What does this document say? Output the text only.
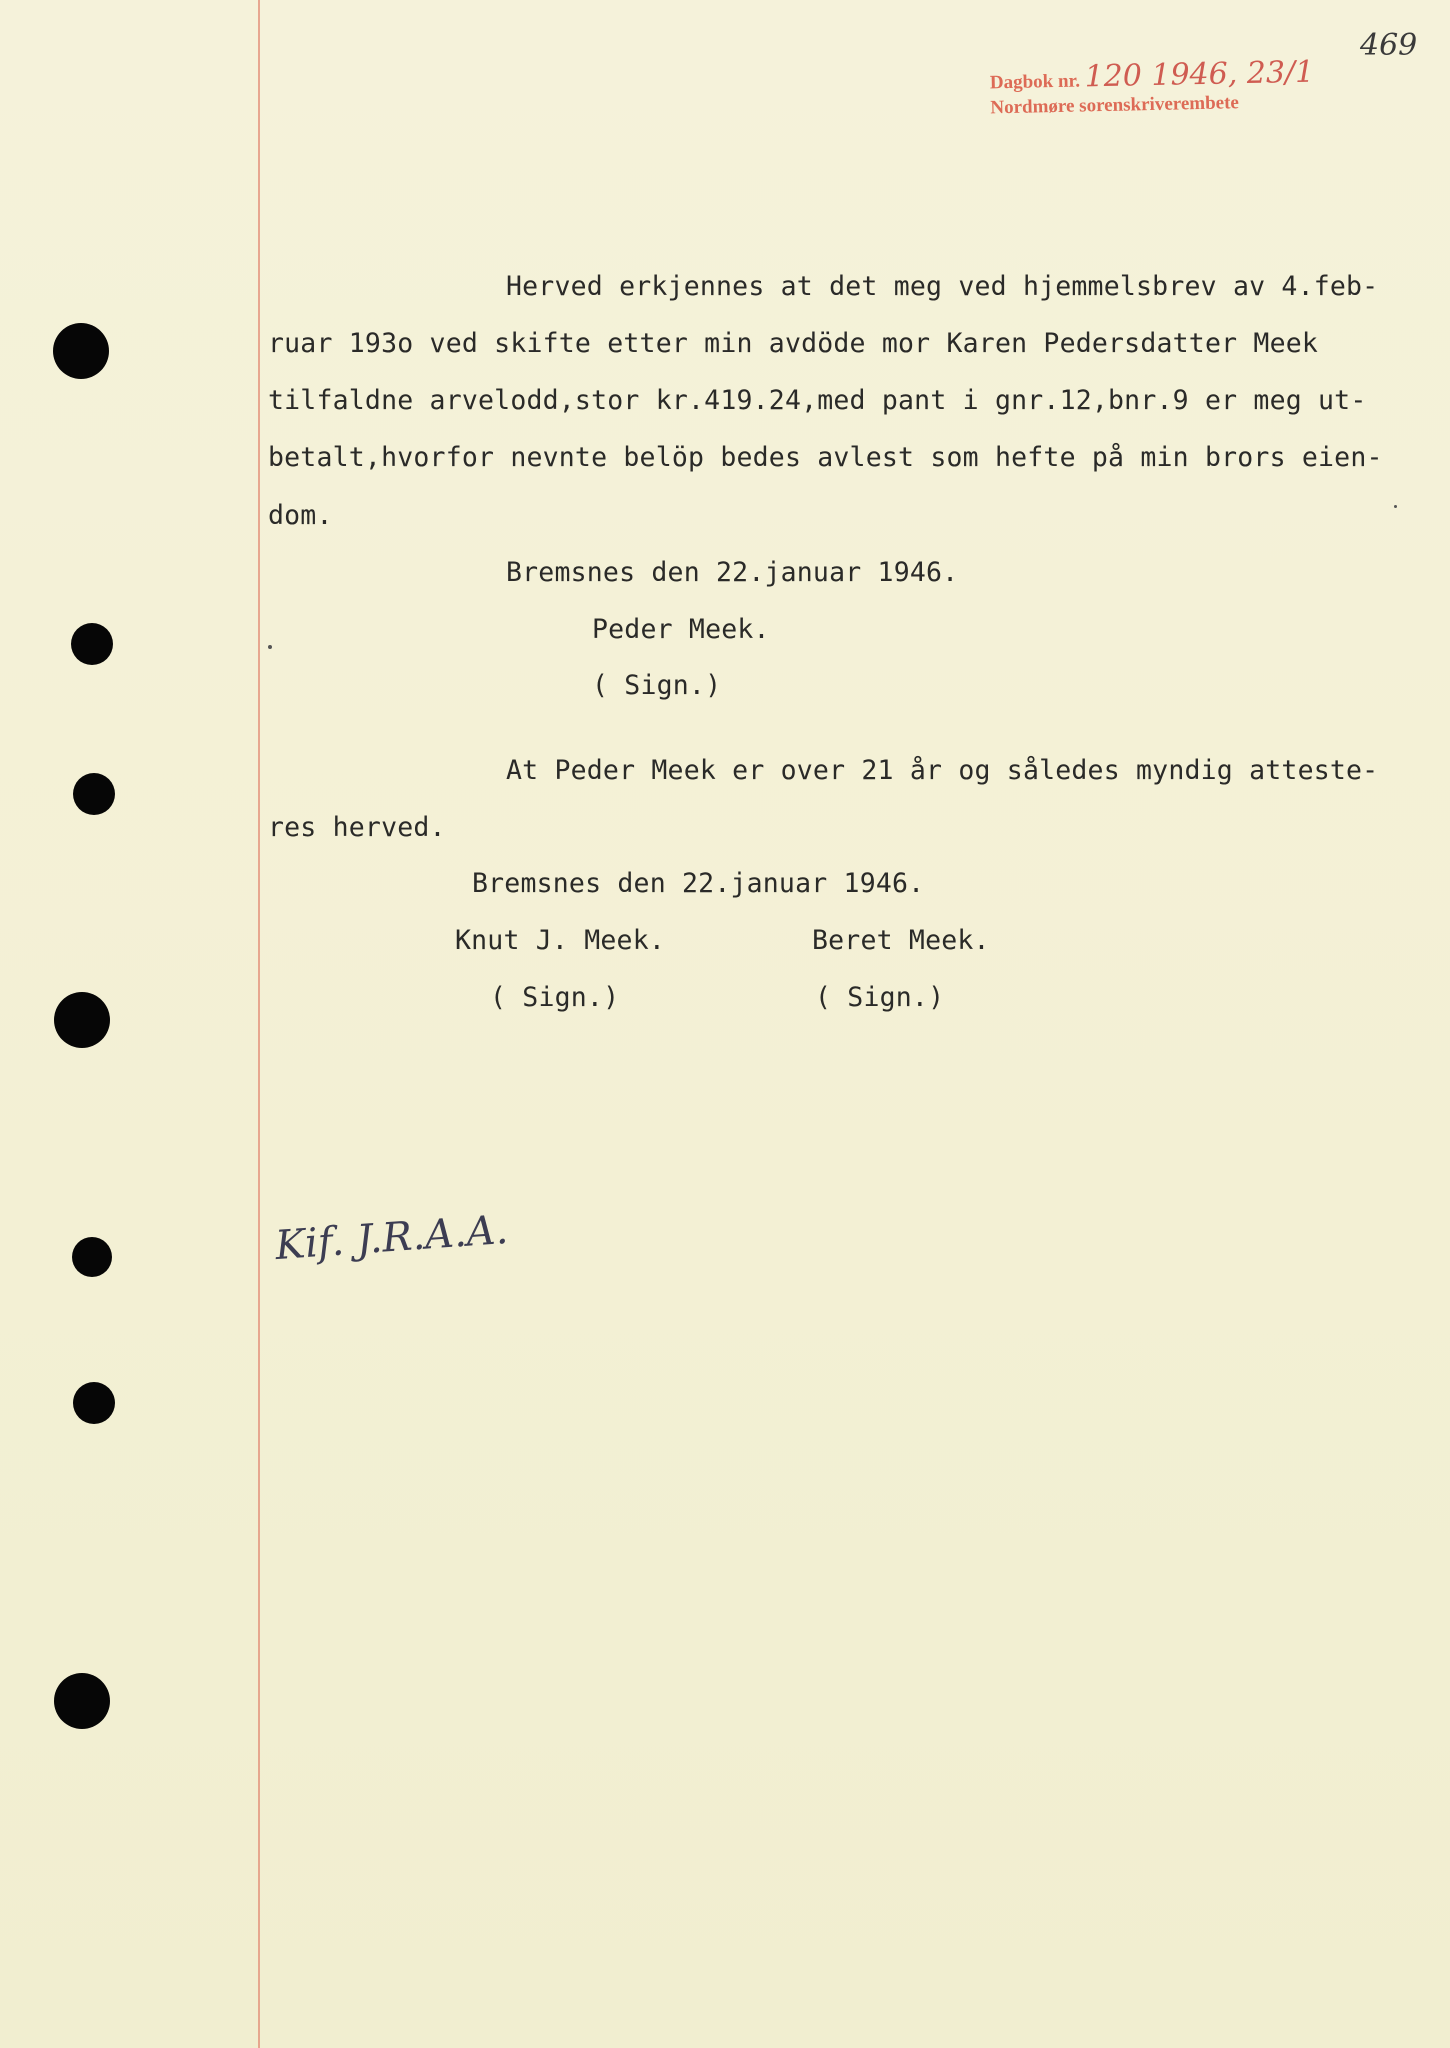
Dagbok nr. 120 1946, 23/1
Nordmøre sorenskriverembete
469
Herved erkjennes at det meg ved hjemmelsbrev av 4.feb-
ruar 193o ved skifte etter min avdöde mor Karen Pedersdatter Meek
tilfaldne arvelodd,stor kr.419.24,med pant i gnr.12,bnr.9 er meg ut-
betalt,hvorfor nevnte belöp bedes avlest som hefte på min brors eien-
dom.
Bremsnes den 22.januar 1946.
Peder Meek.
( Sign.)
At Peder Meek er over 21 år og således myndig atteste-
res herved.
Bremsnes den 22.januar 1946.
Knut J. Meek.	Beret Meek.
( Sign.)	( Sign.)
Kif. J.R.A.A.
